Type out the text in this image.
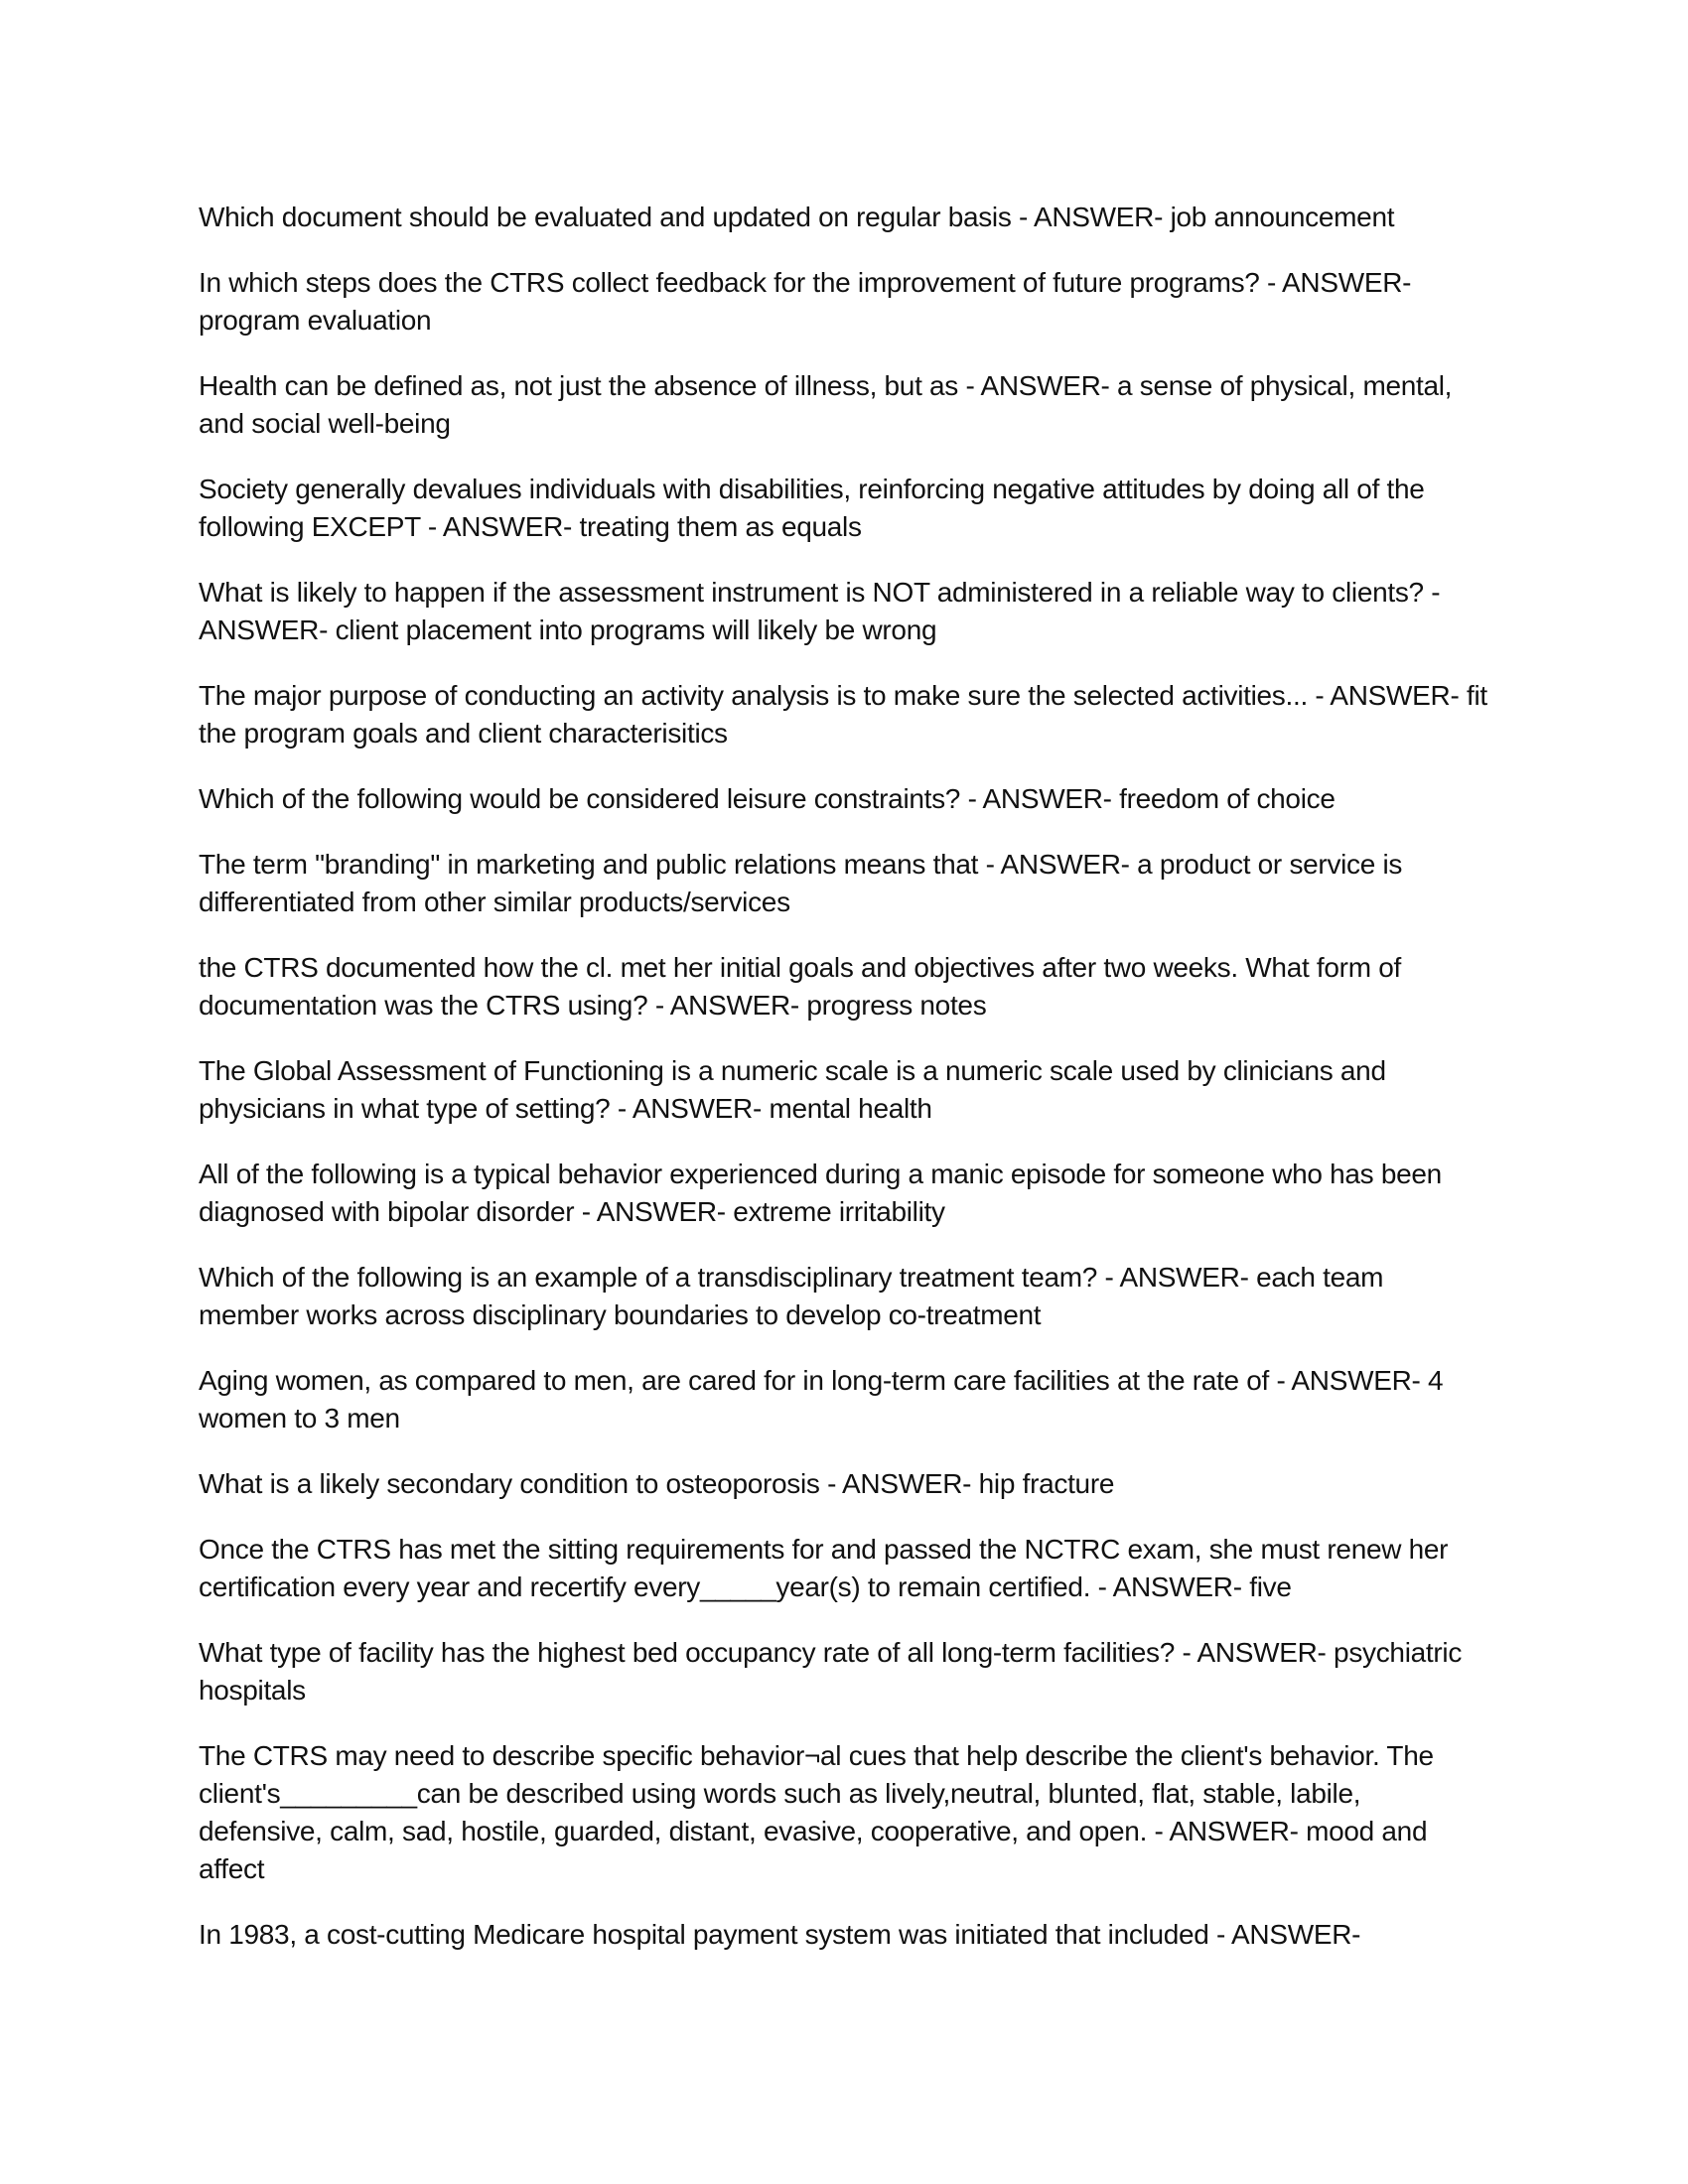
Which document should be evaluated and updated on regular basis - ANSWER- job announcement

In which steps does the CTRS collect feedback for the improvement of future programs? - ANSWER- program evaluation

Health can be defined as, not just the absence of illness, but as - ANSWER- a sense of physical, mental, and social well-being

Society generally devalues individuals with disabilities, reinforcing negative attitudes by doing all of the following EXCEPT - ANSWER- treating them as equals

What is likely to happen if the assessment instrument is NOT administered in a reliable way to clients? - ANSWER- client placement into programs will likely be wrong

The major purpose of conducting an activity analysis is to make sure the selected activities... - ANSWER- fit the program goals and client characterisitics

Which of the following would be considered leisure constraints? - ANSWER- freedom of choice

The term "branding" in marketing and public relations means that - ANSWER- a product or service is differentiated from other similar products/services

the CTRS documented how the cl. met her initial goals and objectives after two weeks. What form of documentation was the CTRS using? - ANSWER- progress notes

The Global Assessment of Functioning is a numeric scale is a numeric scale used by clinicians and physicians in what type of setting? - ANSWER- mental health

All of the following is a typical behavior experienced during a manic episode for someone who has been diagnosed with bipolar disorder - ANSWER- extreme irritability

Which of the following is an example of a transdisciplinary treatment team? - ANSWER- each team member works across disciplinary boundaries to develop co-treatment

Aging women, as compared to men, are cared for in long-term care facilities at the rate of - ANSWER- 4 women to 3 men

What is a likely secondary condition to osteoporosis - ANSWER- hip fracture

Once the CTRS has met the sitting requirements for and passed the NCTRC exam, she must renew her certification every year and recertify every_____year(s) to remain certified. - ANSWER- five

What type of facility has the highest bed occupancy rate of all long-term facilities? - ANSWER- psychiatric hospitals

The CTRS may need to describe specific behavior¬al cues that help describe the client's behavior. The client's_________can be described using words such as lively,neutral, blunted, flat, stable, labile, defensive, calm, sad, hostile, guarded, distant, evasive, cooperative, and open. - ANSWER- mood and affect

In 1983, a cost-cutting Medicare hospital payment system was initiated that included - ANSWER-
